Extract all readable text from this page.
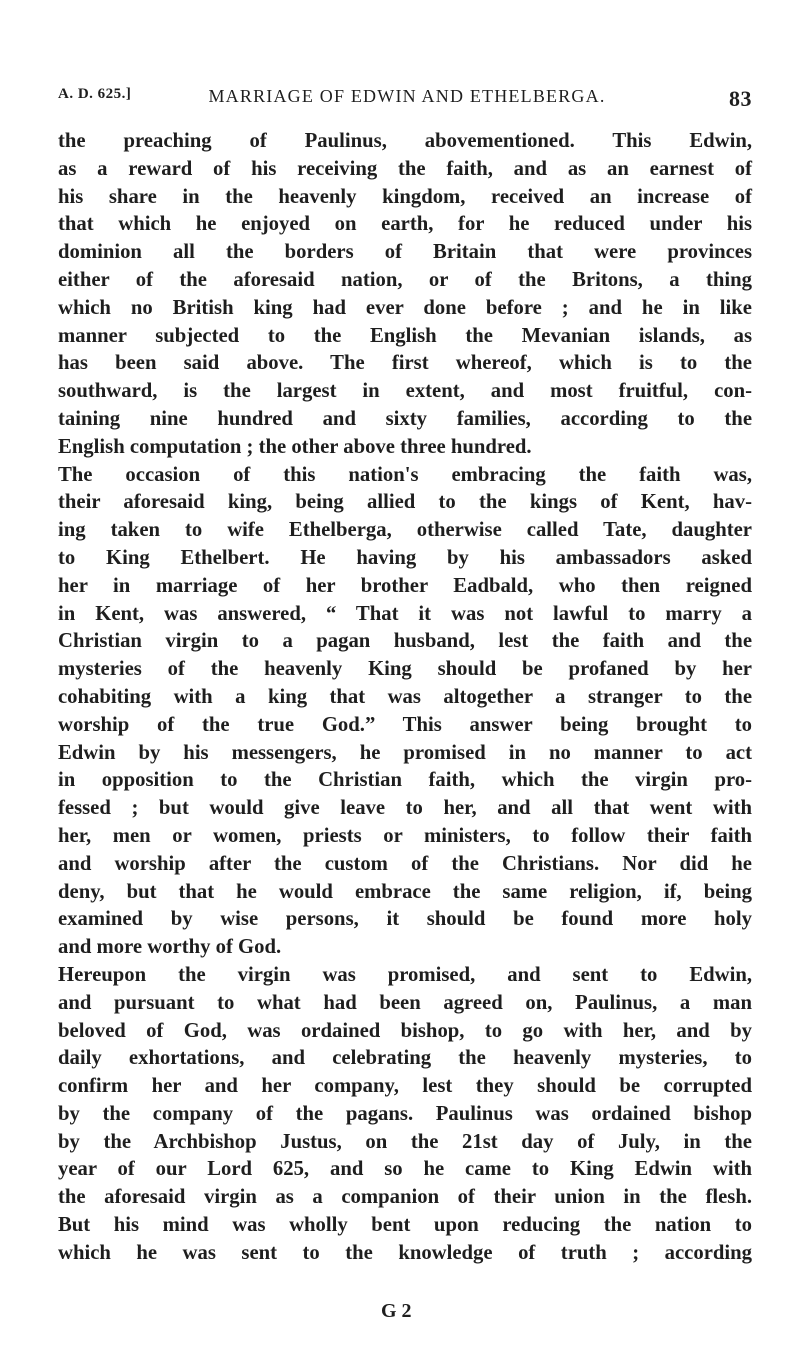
A. D. 625.]	MARRIAGE OF EDWIN AND ETHELBERGA.	83
the preaching of Paulinus, abovementioned. This Edwin,
as a reward of his receiving the faith, and as an earnest of
his share in the heavenly kingdom, received an increase of
that which he enjoyed on earth, for he reduced under his
dominion all the borders of Britain that were provinces
either of the aforesaid nation, or of the Britons, a thing
which no British king had ever done before ; and he in like
manner subjected to the English the Mevanian islands, as
has been said above. The first whereof, which is to the
southward, is the largest in extent, and most fruitful, con-
taining nine hundred and sixty families, according to the
English computation ; the other above three hundred.
The occasion of this nation's embracing the faith was,
their aforesaid king, being allied to the kings of Kent, hav-
ing taken to wife Ethelberga, otherwise called Tate, daughter
to King Ethelbert. He having by his ambassadors asked
her in marriage of her brother Eadbald, who then reigned
in Kent, was answered, “ That it was not lawful to marry a
Christian virgin to a pagan husband, lest the faith and the
mysteries of the heavenly King should be profaned by her
cohabiting with a king that was altogether a stranger to the
worship of the true God.” This answer being brought to
Edwin by his messengers, he promised in no manner to act
in opposition to the Christian faith, which the virgin pro-
fessed ; but would give leave to her, and all that went with
her, men or women, priests or ministers, to follow their faith
and worship after the custom of the Christians. Nor did he
deny, but that he would embrace the same religion, if, being
examined by wise persons, it should be found more holy
and more worthy of God.
Hereupon the virgin was promised, and sent to Edwin,
and pursuant to what had been agreed on, Paulinus, a man
beloved of God, was ordained bishop, to go with her, and by
daily exhortations, and celebrating the heavenly mysteries, to
confirm her and her company, lest they should be corrupted
by the company of the pagans. Paulinus was ordained bishop
by the Archbishop Justus, on the 21st day of July, in the
year of our Lord 625, and so he came to King Edwin with
the aforesaid virgin as a companion of their union in the flesh.
But his mind was wholly bent upon reducing the nation to
which he was sent to the knowledge of truth ; according
G 2
